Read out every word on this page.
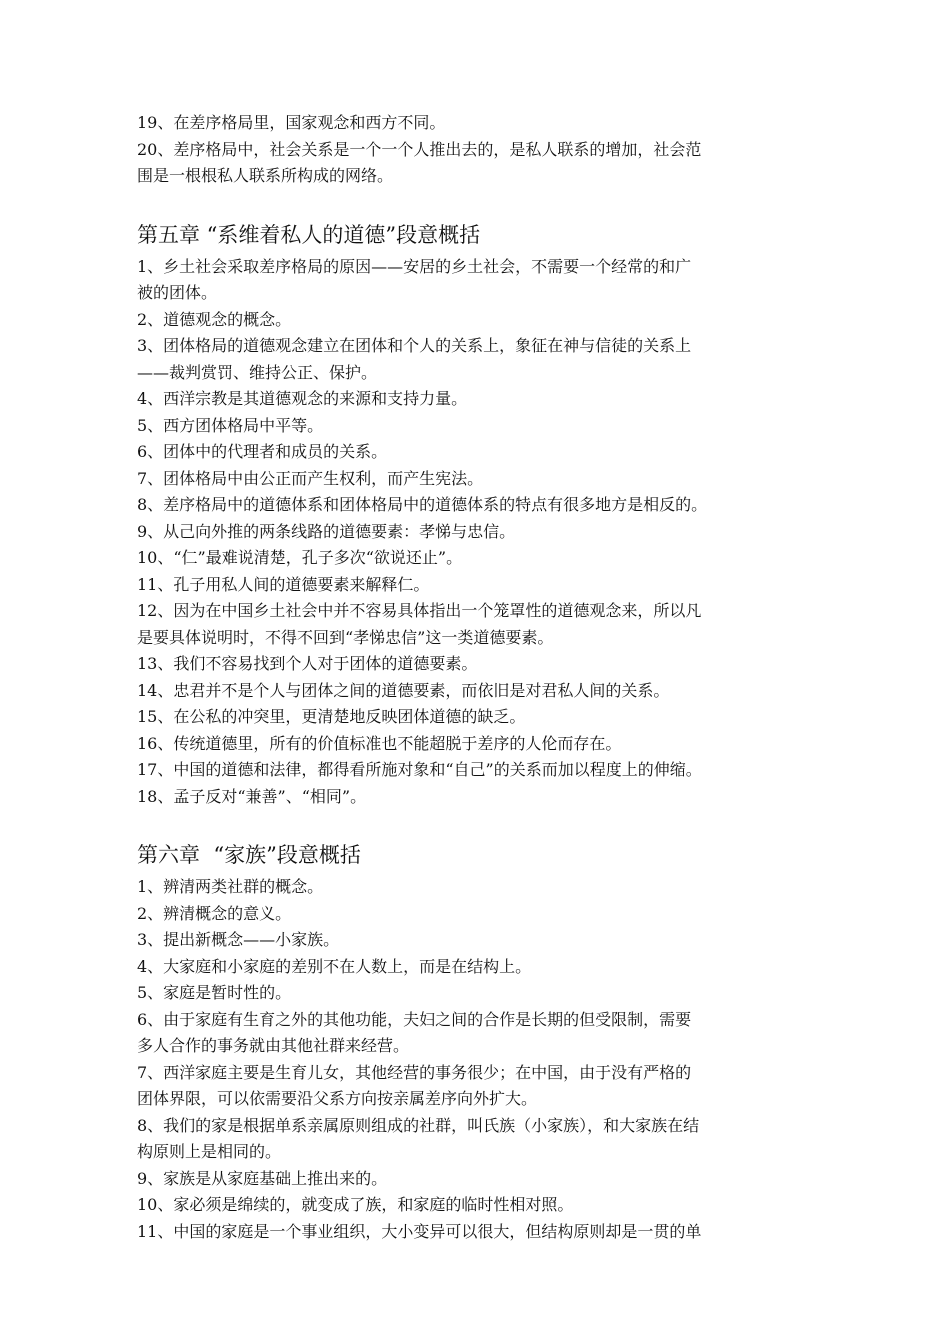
19、在差序格局里，国家观念和西方不同。
20、差序格局中，社会关系是一个一个人推出去的，是私人联系的增加，社会范
围是一根根私人联系所构成的网络。
第五章 “系维着私人的道德”段意概括
1、乡土社会采取差序格局的原因——安居的乡土社会，不需要一个经常的和广
被的团体。
2、道德观念的概念。
3、团体格局的道德观念建立在团体和个人的关系上，象征在神与信徒的关系上
——裁判赏罚、维持公正、保护。
4、西洋宗教是其道德观念的来源和支持力量。
5、西方团体格局中平等。
6、团体中的代理者和成员的关系。
7、团体格局中由公正而产生权利，而产生宪法。
8、差序格局中的道德体系和团体格局中的道德体系的特点有很多地方是相反的。
9、从己向外推的两条线路的道德要素：孝悌与忠信。
10、“仁”最难说清楚，孔子多次“欲说还止”。
11、孔子用私人间的道德要素来解释仁。
12、因为在中国乡土社会中并不容易具体指出一个笼罩性的道德观念来，所以凡
是要具体说明时，不得不回到“孝悌忠信”这一类道德要素。
13、我们不容易找到个人对于团体的道德要素。
14、忠君并不是个人与团体之间的道德要素，而依旧是对君私人间的关系。
15、在公私的冲突里，更清楚地反映团体道德的缺乏。
16、传统道德里，所有的价值标准也不能超脱于差序的人伦而存在。
17、中国的道德和法律，都得看所施对象和“自己”的关系而加以程度上的伸缩。
18、孟子反对“兼善”、“相同”。
第六章  “家族”段意概括
1、辨清两类社群的概念。
2、辨清概念的意义。
3、提出新概念——小家族。
4、大家庭和小家庭的差别不在人数上，而是在结构上。
5、家庭是暂时性的。
6、由于家庭有生育之外的其他功能，夫妇之间的合作是长期的但受限制，需要
多人合作的事务就由其他社群来经营。
7、西洋家庭主要是生育儿女，其他经营的事务很少；在中国，由于没有严格的
团体界限，可以依需要沿父系方向按亲属差序向外扩大。
8、我们的家是根据单系亲属原则组成的社群，叫氏族（小家族），和大家族在结
构原则上是相同的。
9、家族是从家庭基础上推出来的。
10、家必须是绵续的，就变成了族，和家庭的临时性相对照。
11、中国的家庭是一个事业组织，大小变异可以很大，但结构原则却是一贯的单
